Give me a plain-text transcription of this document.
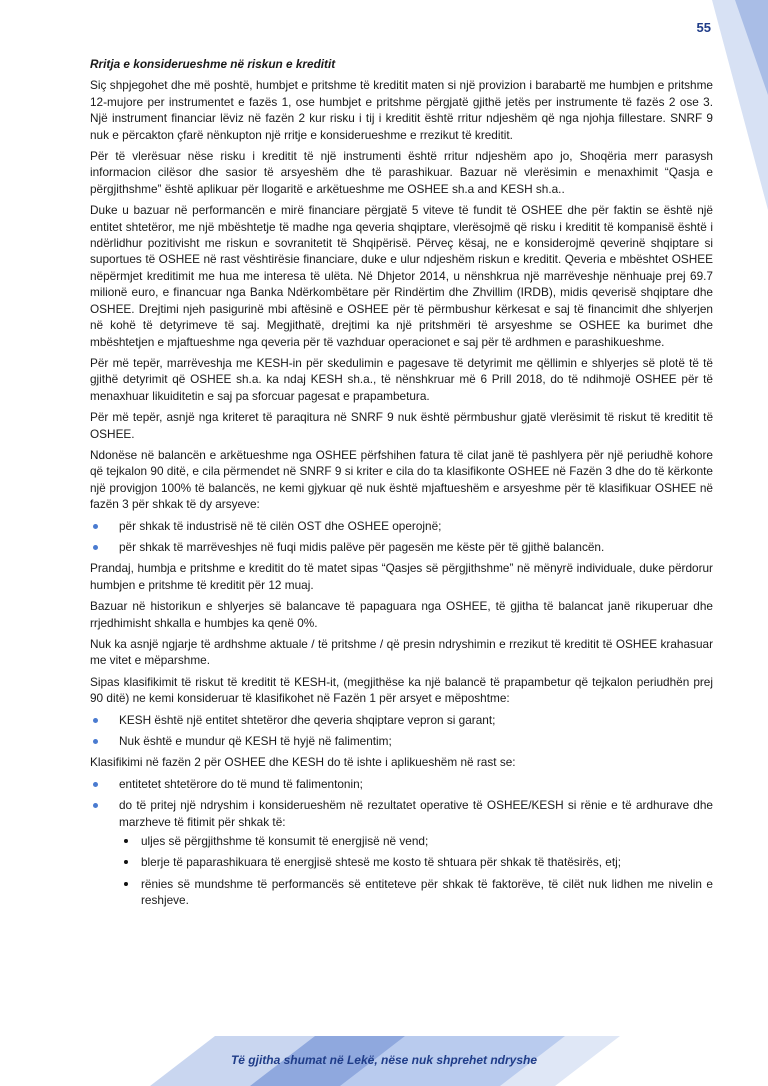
55

Rritja e konsiderueshme në riskun e kreditit

Siç shpjegohet dhe më poshtë, humbjet e pritshme të kreditit maten si një provizion i barabartë me humbjen e pritshme 12-mujore per instrumentet e fazës 1, ose humbjet e pritshme përgjatë gjithë jetës per instrumente të fazës 2 ose 3. Një instrument financiar lëviz në fazën 2 kur risku i tij i kreditit është rritur ndjeshëm që nga njohja fillestare. SNRF 9 nuk e përcakton çfarë nënkupton një rritje e konsiderueshme e rrezikut të kreditit.

Për të vlerësuar nëse risku i kreditit të një instrumenti është rritur ndjeshëm apo jo, Shoqëria merr parasysh informacion cilësor dhe sasior të arsyeshëm dhe të parashikuar. Bazuar në vlerësimin e menaxhimit “Qasja e përgjithshme” është aplikuar për llogaritë e arkëtueshme me OSHEE sh.a and KESH sh.a..

Duke u bazuar në performancën e mirë financiare përgjatë 5 viteve të fundit të OSHEE dhe për faktin se është një entitet shtetëror, me një mbështetje të madhe nga qeveria shqiptare, vlerësojmë që risku i kreditit të kompanisë është i ndërlidhur pozitivisht me riskun e sovranitetit të Shqipërisë. Përveç kësaj, ne e konsiderojmë qeverinë shqiptare si suportues të OSHEE në rast vështirësie financiare, duke e ulur ndjeshëm riskun e kreditit. Qeveria e mbështet OSHEE nëpërmjet kreditimit me hua me interesa të ulëta. Në Dhjetor 2014, u nënshkrua një marrëveshje nënhuaje prej 69.7 milionë euro, e financuar nga Banka Ndërkombëtare për Rindërtim dhe Zhvillim (IRDB), midis qeverisë shqiptare dhe OSHEE. Drejtimi njeh pasigurinë mbi aftësinë e OSHEE për të përmbushur kërkesat e saj të financimit dhe shlyerjen në kohë të detyrimeve të saj. Megjithatë, drejtimi ka një pritshmëri të arsyeshme se OSHEE ka burimet dhe mbështetjen e mjaftueshme nga qeveria për të vazhduar operacionet e saj për të ardhmen e parashikueshme.

Për më tepër, marrëveshja me KESH-in për skedulimin e pagesave të detyrimit me qëllimin e shlyerjes së plotë të të gjithë detyrimit që OSHEE sh.a. ka ndaj KESH sh.a., të nënshkruar më 6 Prill 2018, do të ndihmojë OSHEE për të menaxhuar likuiditetin e saj pa sforcuar pagesat e prapambetura.

Për më tepër, asnjë nga kriteret të paraqitura në SNRF 9 nuk është përmbushur gjatë vlerësimit të riskut të kreditit të OSHEE.

Ndonëse në balancën e arkëtueshme nga OSHEE përfshihen fatura të cilat janë të pashlyera për një periudhë kohore që tejkalon 90 ditë, e cila përmendet në SNRF 9 si kriter e cila do ta klasifikonte OSHEE në Fazën 3 dhe do të kërkonte një provigjon 100% të balancës, ne kemi gjykuar që nuk është mjaftueshëm e arsyeshme për të klasifikuar OSHEE në fazën 3 për shkak të dy arsyeve:

për shkak të industrisë në të cilën OST dhe OSHEE operojnë;
për shkak të marrëveshjes në fuqi midis palëve për pagesën me këste për të gjithë balancën.

Prandaj, humbja e pritshme e kreditit do të matet sipas “Qasjes së përgjithshme” në mënyrë individuale, duke përdorur humbjen e pritshme të kreditit për 12 muaj.

Bazuar në historikun e shlyerjes së balancave të papaguara nga OSHEE, të gjitha të balancat janë rikuperuar dhe rrjedhimisht shkalla e humbjes ka qenë 0%.

Nuk ka asnjë ngjarje të ardhshme aktuale / të pritshme / që presin ndryshimin e rrezikut të kreditit të OSHEE krahasuar me vitet e mëparshme.

Sipas klasifikimit të riskut të kreditit të KESH-it, (megjithëse ka një balancë të prapambetur që tejkalon periudhën prej 90 ditë) ne kemi konsideruar të klasifikohet në Fazën 1 për arsyet e mëposhtme:

KESH është një entitet shtetëror dhe qeveria shqiptare vepron si garant;
Nuk është e mundur që KESH të hyjë në falimentim;

Klasifikimi në fazën 2 për OSHEE dhe KESH do të ishte i aplikueshëm në rast se:

entitetet shtetërore do të mund të falimentonin;
do të pritej një ndryshim i konsiderueshëm në rezultatet operative të OSHEE/KESH si rënie e të ardhurave dhe marzheve të fitimit për shkak të:
uljes së përgjithshme të konsumit të energjisë në vend;
blerje të paparashikuara të energjisë shtesë me kosto të shtuara për shkak të thatësirës, etj;
rënies së mundshme të performancës së entiteteve për shkak të faktorëve, të cilët nuk lidhen me nivelin e reshjeve.
Të gjitha shumat në Lekë, nëse nuk shprehet ndryshe
